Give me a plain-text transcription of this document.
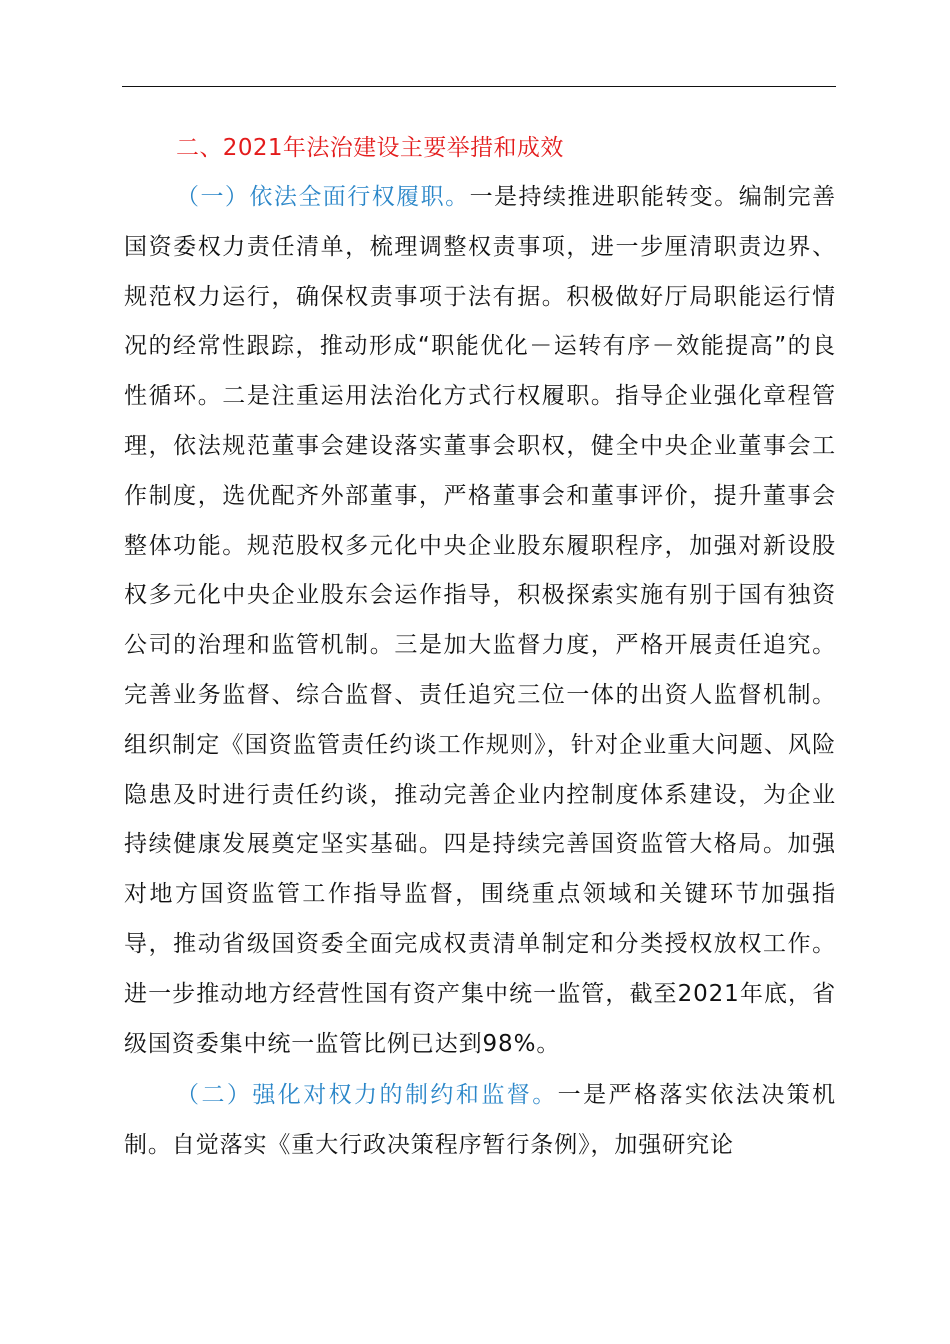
二、2021年法治建设主要举措和成效

（一）依法全面行权履职。一是持续推进职能转变。编制完善国资委权力责任清单，梳理调整权责事项，进一步厘清职责边界、规范权力运行，确保权责事项于法有据。积极做好厅局职能运行情况的经常性跟踪，推动形成“职能优化－运转有序－效能提高”的良性循环。二是注重运用法治化方式行权履职。指导企业强化章程管理，依法规范董事会建设落实董事会职权，健全中央企业董事会工作制度，选优配齐外部董事，严格董事会和董事评价，提升董事会整体功能。规范股权多元化中央企业股东履职程序，加强对新设股权多元化中央企业股东会运作指导，积极探索实施有别于国有独资公司的治理和监管机制。三是加大监督力度，严格开展责任追究。完善业务监督、综合监督、责任追究三位一体的出资人监督机制。组织制定《国资监管责任约谈工作规则》，针对企业重大问题、风险隐患及时进行责任约谈，推动完善企业内控制度体系建设，为企业持续健康发展奠定坚实基础。四是持续完善国资监管大格局。加强对地方国资监管工作指导监督，围绕重点领域和关键环节加强指导，推动省级国资委全面完成权责清单制定和分类授权放权工作。进一步推动地方经营性国有资产集中统一监管，截至2021年底，省级国资委集中统一监管比例已达到98%。

（二）强化对权力的制约和监督。一是严格落实依法决策机制。自觉落实《重大行政决策程序暂行条例》，加强研究论
